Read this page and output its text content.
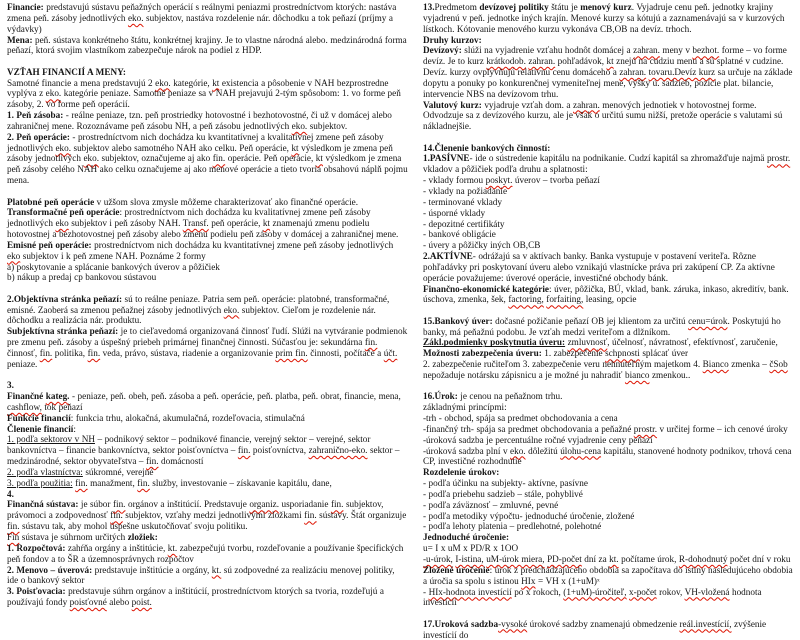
Financie: predstavujú sústavu peňažných operácií s reálnymi peniazmi prostredníctvom ktorých: nastáva zmena peň. zásoby jednotlivých eko. subjektov, nastáva rozdelenie nár. dôchodku a tok peňazí (príjmy a výdavky)
Mena: peň. sústava konkrétneho štátu, konkrétnej krajiny. Je to vlastne národná alebo. medzinárodná forma peňazí, ktorá svojim vlastníkom zabezpečuje nárok na podiel z HDP.
VZŤAH FINANCIÍ A MENY:
Samotné financie a mena predstavujú 2 eko. kategórie, kt existencia a pôsobenie v NAH bezprostredne vyplýva z eko. kategórie peniaze. Samotné peniaze sa v NAH prejavujú 2-tým spôsobom: 1. vo forme peň zásoby, 2. vo forme peň operácií.
1. Peň zásoba: - reálne peniaze, tzn. peň prostriedky hotovostné i bezhotovostné, či už v domácej alebo zahraničnej mene. Rozoznávame peň zásobu NH, a peň zásobu jednotlivých eko. subjektov.
2. Peň operácie: - prostredníctvom nich dochádza ku kvantitatívnej a kvalitatívnej zmene peň zásoby jednotlivých eko. subjektov alebo samotného NAH ako celku. Peň operácie, kt výsledkom je zmena peň zásoby jednotlivých eko. subjektov, označujeme aj ako fin. operácie. Peň operácie, kt výsledkom je zmena peň zásoby celého NAH ako celku označujeme aj ako menové operácie a tieto tvoria obsahovú náplň pojmu mena.
Platobné peň operácie v užšom slova zmysle môžeme charakterizovať ako finančné operácie.
Transformačné peň operácie: prostredníctvom nich dochádza ku kvalitatívnej zmene peň zásoby jednotlivých eko subjektov i peň zásoby NAH. Transf. peň operácie, kt znamenajú zmenu podielu hotovostnej a bezhotovostnej peň zásoby alebo zmenu podielu peň zásoby v domácej a zahraničnej mene.
Emisné peň operácie: prostredníctvom nich dochádza ku kvantitatívnej zmene peň zásoby jednotlivých eko subjektov i k peň zmene NAH. Poznáme 2 formy
a) poskytovanie a splácanie bankových úverov a pôžičiek
b) nákup a predaj cp bankovou sústavou
2.Objektívna stránka peňazí: sú to reálne peniaze. Patria sem peň. operácie: platobné, transformačné, emisné. Zaoberá sa zmenou peňažnej zásoby jednotlivých eko. subjektov. Cieľom je rozdelenie nár. dôchodku a realizácia nár. produktu.
Subjektívna stránka peňazí: je to cieľavedomá organizovaná činnosť ľudí. Slúži na vytváranie podmienok pre zmenu peň. zásoby a úspešný priebeh primárnej finančnej činnosti. Súčasťou je: sekundárna fin. činnosť, fin. politika, fin. veda, právo, sústava, riadenie a organizovanie prim fin. činnosti, počítače a účt. peniaze.
3.
Finančné kateg. - peniaze, peň. obeh, peň. zásoba a peň. operácie, peň. platba, peň. obrat, financie, mena, cashflow, tok peňazí
Funkcie financií: funkcia trhu, alokačná, akumulačná, rozdeľovacia, stimulačná
Členenie financií:
1. podľa sektorov v NH – podnikový sektor – podnikové financie, verejný sektor – verejné, sektor bankovníctva – financie bankovníctva, sektor poisťovníctva – fin. poisťovníctva, zahranično-eko. sektor – medzinárodné, sektor obyvateľstva – fin. domácností
2. podľa vlastníctva: súkromné, verejné
3. podľa použitia: fin. manažment, fin. služby, investovanie – získavanie kapitálu, dane,
4.
Finančná sústava: je súbor fin. orgánov a inštitúcií. Predstavuje organiz. usporiadanie fin. subjektov, právomoci a zodpovednosť fin. subjektov, vzťahy medzi jednotlivými zložkami fin. sústavy. Štát organizuje fin. sústavu tak, aby mohol úspešne uskutočňovať svoju politiku.
Fin sústava je súhrnom určitých zložiek:
1. Rozpočtová: zahŕňa orgány a inštitúcie, kt. zabezpečujú tvorbu, rozdeľovanie a používanie špecifických peň fondov a to ŠR a územnosprávnych rozpočtov
2. Menovo – úverová: predstavuje inštitúcie a orgány, kt. sú zodpovedné za realizáciu menovej politiky, ide o bankový sektor
3. Poisťovacia: predstavuje súhrn orgánov a inštitúcií, prostredníctvom ktorých sa tvoria, rozdeľujú a používajú fondy poisťovné alebo poist.
13.Predmetom devízovej politiky štátu je menový kurz. Vyjadruje cenu peň. jednotky krajiny vyjadrenú v peň. jednotke iných krajín. Menové kurzy sa kótujú a zaznamenávajú sa v kurzových lístkoch. Kótovanie menového kurzu vykonáva CB,OB na devíz. trhoch.
Druhy kurzov:
Devízový: slúži na vyjadrenie vzťahu hodnôt domácej a zahran. meny v bezhot. forme – vo forme devíz. Je to kurz krátkodob. zahran. pohľadávok, kt znejú na cudziu menu a sú splatné v cudzine. Devíz. kurzy ovplyvňujú relatívnu cenu domáceho a zahran. tovaru.Devíz kurz sa určuje na základe dopytu a ponuky po konkurenčnej vymeniteľnej mene, výšky ú. sadzieb, pozície plat. bilancie, intervencie NBS na devízovom trhu.
Valutový kurz: vyjadruje vzťah dom. a zahran. menových jednotiek v hotovostnej forme. Odvodzuje sa z devízového kurzu, ale je však o určitú sumu nižší, pretože operácie s valutami sú nákladnejšie.
14.Členenie bankových činností:
1.PASÍVNE- ide o sústredenie kapitálu na podnikanie. Cudzí kapitál sa zhromažďuje najmä prostr. vkladov a pôžičiek podľa druhu a splatnosti:
- vklady formou poskyt. úverov – tvorba peňazí
- vklady na požiadanie
- terminované vklady
- úsporné vklady
- depozitné certifikáty
- bankové obligácie
- úvery a pôžičky iných OB,CB
2.AKTÍVNE- odrážajú sa v aktívach banky. Banka vystupuje v postavení veriteľa. Rôzne pohľadávky pri poskytovaní úveru alebo vznikajú vlastnícke práva pri zakúpení CP. Za aktívne operácie považujeme: úverové operácie, investičné obchody bánk.
Finančno-ekonomické kategórie: úver, pôžička, BÚ, vklad, bank. záruka, inkaso, akreditív, bank. úschova, zmenka, šek, factoring, forfaiting, leasing, opcie
15.Bankový úver: dočasné požičanie peňazí OB jej klientom za určitú cenu=úrok. Poskytujú ho banky, má peňažnú podobu. Je vzťah medzi veriteľom a dlžníkom.
Zákl.podmienky poskytnutia úveru: zmluvnosť, účelnosť, návratnosť, efektívnosť, zaručenie,
Možnosti zabezpečenia úveru: 1. zabezpečenie schpnosti splácať úver
2. zabezpečenie ručiteľom 3. zabezpečenie veru nehnuteľným majetkom 4. Bianco zmenka – čSob nepožaduje notársku zápisnicu a je možné ju nahradiť bianco zmenkou..
16.Úrok: je cenou na peňažnom trhu.
základnými princípmi:
-trh - obchod, spája sa predmet obchodovania a cena
-finančný trh- spája sa predmet obchodovania a peňažné prostr. v určitej forme – ich cenové úroky
-úroková sadzba je percentuálne ročné vyjadrenie ceny peňazí
-úroková sadzba plní v eko. dôležitú úlohu-cena kapitálu, stanovené hodnoty podnikov, trhová cena CP, investičné rozhodnutie
Rozdelenie úrokov:
- podľa účinku na subjekty- aktívne, pasívne
- podľa priebehu sadzieb – stále, pohyblivé
- podľa záväznosť – zmluvné, pevné
- podľa metodiky výpočtu- jednoduché úročenie, zložené
- podľa lehoty platenia – predlehotné, polehotné
Jednoduché úročenie:
u= I x uM x PD/R x 1OO
-u-úrok, I-istina, uM-úrok miera, PD-počet dní za kt. počítame úrok, R-dohodnutý počet dní v roku
Zložené úročenie: úrok z predchádzajúceho obdobia sa započítava do istiny nasledujúceho obdobia a úročia sa spolu s istinou HIx = VH x (1+uM)ˣ
- HIx-hodnota investícií po x rokoch, (1+uM)-úročiteľ, x-počet rokov, VH-vložená hodnota investícií
17.Uroková sadzba-vysoké úrokové sadzby znamenajú obmedzenie reál.investícií, zvýšenie investícií do
